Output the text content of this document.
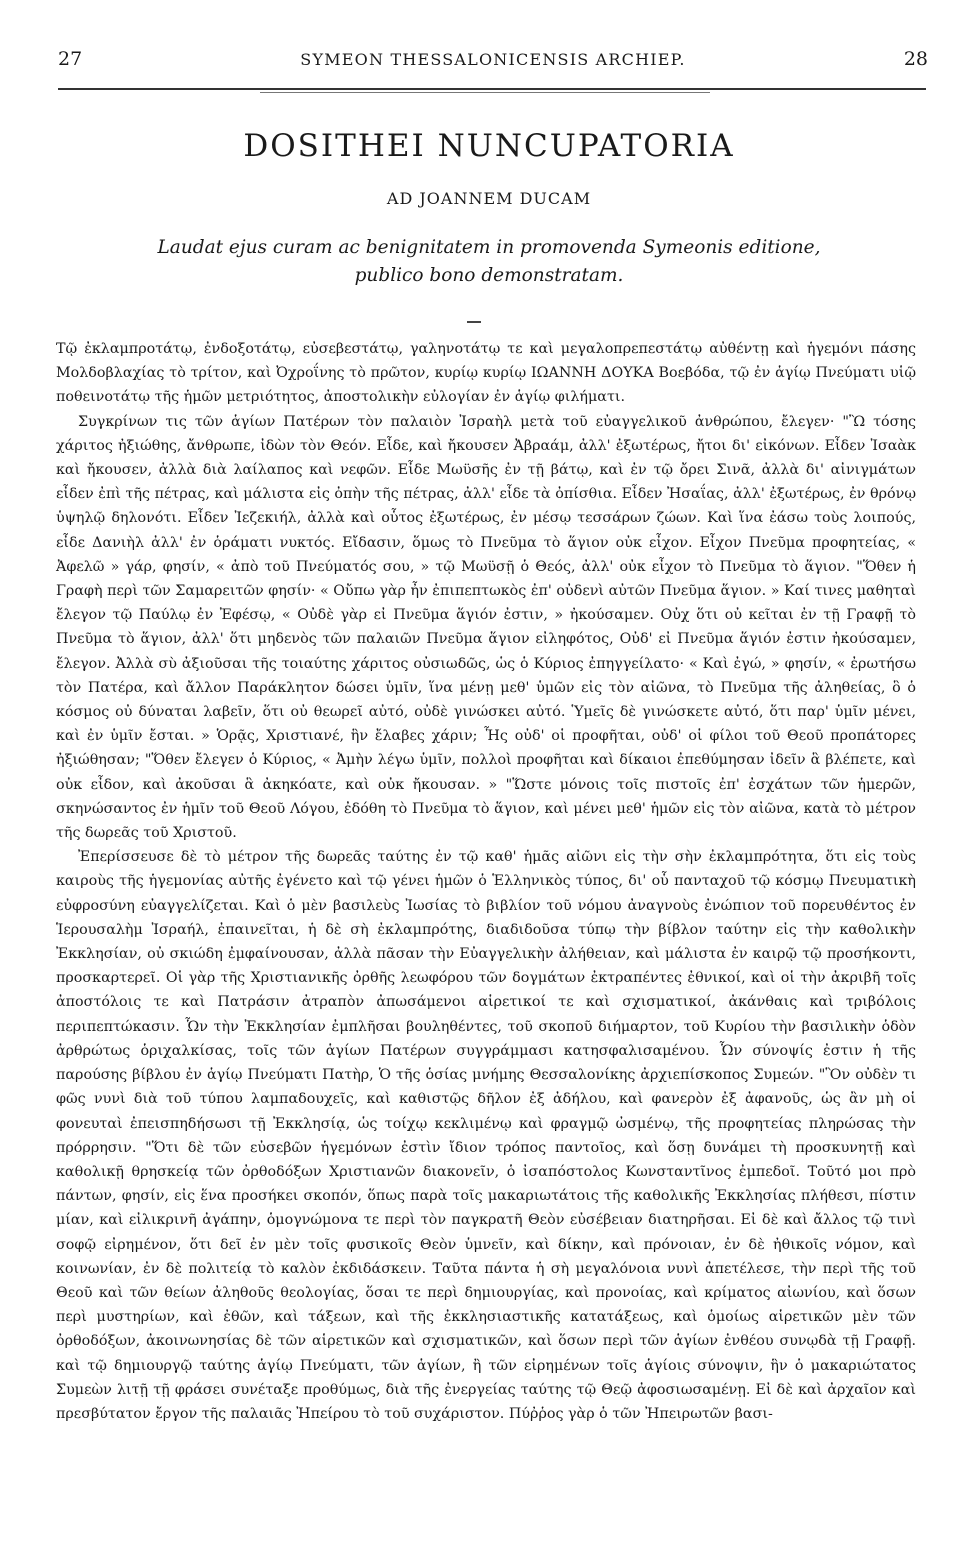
27	SYMEON THESSALONICENSIS ARCHIEP.	28
DOSITHEI NUNCUPATORIA
AD JOANNEM DUCAM
Laudat ejus curam ac benignitatem in promovenda Symeonis editione, publico bono demonstratam.

Τῷ ἐκλαμπροτάτῳ, ἐνδοξοτάτῳ, εὐσεβεστάτῳ, γαληνοτάτῳ τε καὶ μεγαλοπρεπεστάτῳ αὐθέντῃ καὶ ἡγεμόνι πάσης Μολδοβλαχίας τὸ τρίτον, καὶ Ὀχροΐνης τὸ πρῶτον, κυρίῳ κυρίῳ ΙΩΑΝΝΗ ΔΟΥΚΑ Βοεβόδα, τῷ ἐν ἁγίῳ Πνεύματι υἱῷ ποθεινοτάτῳ τῆς ἡμῶν μετριότητος, ἀποστολικὴν εὐλογίαν ἐν ἁγίῳ φιλήματι.

Συγκρίνων τις τῶν ἁγίων Πατέρων τὸν παλαιὸν Ἰσραὴλ μετὰ τοῦ εὐαγγελικοῦ ἀνθρώπου, ἔλεγεν· "Ὢ τόσης χάριτος ἠξιώθης, ἄνθρωπε, ἰδὼν τὸν Θεόν. Εἶδε, καὶ ἤκουσεν Ἀβραάμ, ἀλλ' ἐξωτέρως, ἤτοι δι' εἰκόνων. Εἶδεν Ἰσαὰκ καὶ ἤκουσεν, ἀλλὰ διὰ λαίλαπος καὶ νεφῶν. Εἶδε Μωϋσῆς ἐν τῇ βάτῳ, καὶ ἐν τῷ ὄρει Σινᾶ, ἀλλὰ δι' αἰνιγμάτων εἶδεν ἐπὶ τῆς πέτρας, καὶ μάλιστα εἰς ὀπὴν τῆς πέτρας, ἀλλ' εἶδε τὰ ὀπίσθια. Εἶδεν Ἠσαΐας, ἀλλ' ἐξωτέρως, ἐν θρόνῳ ὑψηλῷ δηλονότι. Εἶδεν Ἰεζεκιήλ, ἀλλὰ καὶ οὗτος ἐξωτέρως, ἐν μέσῳ τεσσάρων ζώων. Καὶ ἵνα ἐάσω τοὺς λοιπούς, εἶδε Δανιὴλ ἀλλ' ἐν ὁράματι νυκτός. Εἴδασιν, ὅμως τὸ Πνεῦμα τὸ ἅγιον οὐκ εἶχον. Εἶχον Πνεῦμα προφητείας, « Ἀφελῶ » γάρ, φησίν, « ἀπὸ τοῦ Πνεύματός σου, » τῷ Μωϋσῇ ὁ Θεός, ἀλλ' οὐκ εἶχον τὸ Πνεῦμα τὸ ἅγιον. "Ὅθεν ἡ Γραφὴ περὶ τῶν Σαμαρειτῶν φησίν· « Οὔπω γὰρ ἦν ἐπιπεπτωκὸς ἐπ' οὐδενὶ αὐτῶν Πνεῦμα ἅγιον. » Καί τινες μαθηταὶ ἔλεγον τῷ Παύλῳ ἐν Ἐφέσῳ, « Οὐδὲ γὰρ εἰ Πνεῦμα ἅγιόν ἐστιν, » ἠκούσαμεν. Οὐχ ὅτι οὐ κεῖται ἐν τῇ Γραφῇ τὸ Πνεῦμα τὸ ἅγιον, ἀλλ' ὅτι μηδενὸς τῶν παλαιῶν Πνεῦμα ἅγιον εἰληφότος, Οὐδ' εἰ Πνεῦμα ἅγιόν ἐστιν ἠκούσαμεν, ἔλεγον. Ἀλλὰ σὺ ἀξιοῦσαι τῆς τοιαύτης χάριτος οὐσιωδῶς, ὡς ὁ Κύριος ἐπηγγείλατο· « Καὶ ἐγώ, » φησίν, « ἐρωτήσω τὸν Πατέρα, καὶ ἄλλον Παράκλητον δώσει ὑμῖν, ἵνα μένῃ μεθ' ὑμῶν εἰς τὸν αἰῶνα, τὸ Πνεῦμα τῆς ἀληθείας, ὃ ὁ κόσμος οὐ δύναται λαβεῖν, ὅτι οὐ θεωρεῖ αὐτό, οὐδὲ γινώσκει αὐτό. Ὑμεῖς δὲ γινώσκετε αὐτό, ὅτι παρ' ὑμῖν μένει, καὶ ἐν ὑμῖν ἔσται. » Ὁρᾷς, Χριστιανέ, ἣν ἔλαβες χάριν; Ἧς οὐδ' οἱ προφῆται, οὐδ' οἱ φίλοι τοῦ Θεοῦ προπάτορες ἠξιώθησαν; "Ὅθεν ἔλεγεν ὁ Κύριος, « Ἀμὴν λέγω ὑμῖν, πολλοὶ προφῆται καὶ δίκαιοι ἐπεθύμησαν ἰδεῖν ἃ βλέπετε, καὶ οὐκ εἶδον, καὶ ἀκοῦσαι ἃ ἀκηκόατε, καὶ οὐκ ἤκουσαν. » "Ὥστε μόνοις τοῖς πιστοῖς ἐπ' ἐσχάτων τῶν ἡμερῶν, σκηνώσαντος ἐν ἡμῖν τοῦ Θεοῦ Λόγου, ἐδόθη τὸ Πνεῦμα τὸ ἅγιον, καὶ μένει μεθ' ἡμῶν εἰς τὸν αἰῶνα, κατὰ τὸ μέτρον τῆς δωρεᾶς τοῦ Χριστοῦ.

Ἐπερίσσευσε δὲ τὸ μέτρον τῆς δωρεᾶς ταύτης ἐν τῷ καθ' ἡμᾶς αἰῶνι εἰς τὴν σὴν ἐκλαμπρότητα, ὅτι εἰς τοὺς καιροὺς τῆς ἡγεμονίας αὐτῆς ἐγένετο καὶ τῷ γένει ἡμῶν ὁ Ἑλληνικὸς τύπος, δι' οὗ πανταχοῦ τῷ κόσμῳ Πνευματικὴ εὐφροσύνη εὐαγγελίζεται. Καὶ ὁ μὲν βασιλεὺς Ἰωσίας τὸ βιβλίον τοῦ νόμου ἀναγνοὺς ἐνώπιον τοῦ πορευθέντος ἐν Ἱερουσαλὴμ Ἰσραήλ, ἐπαινεῖται, ἡ δὲ σὴ ἐκλαμπρότης, διαδιδοῦσα τύπῳ τὴν βίβλον ταύτην εἰς τὴν καθολικὴν Ἐκκλησίαν, οὐ σκιώδη ἐμφαίνουσαν, ἀλλὰ πᾶσαν τὴν Εὐαγγελικὴν ἀλήθειαν, καὶ μάλιστα ἐν καιρῷ τῷ προσήκοντι, προσκαρτερεῖ. Οἱ γὰρ τῆς Χριστιανικῆς ὀρθῆς λεωφόρου τῶν δογμάτων ἐκτραπέντες ἐθνικοί, καὶ οἱ τὴν ἀκριβῆ τοῖς ἀποστόλοις τε καὶ Πατράσιν ἀτραπὸν ἀπωσάμενοι αἱρετικοί τε καὶ σχισματικοί, ἀκάνθαις καὶ τριβόλοις περιπεπτώκασιν. Ὧν τὴν Ἐκκλησίαν ἐμπλῆσαι βουληθέντες, τοῦ σκοποῦ διήμαρτον, τοῦ Κυρίου τὴν βασιλικὴν ὁδὸν ἀρθρώτως ὁριχαλκίσας, τοῖς τῶν ἁγίων Πατέρων συγγράμμασι κατησφαλισαμένου. Ὧν σύνοψίς ἐστιν ἡ τῆς παρούσης βίβλου ἐν ἁγίῳ Πνεύματι Πατὴρ, Ὁ τῆς ὁσίας μνήμης Θεσσαλονίκης ἀρχιεπίσκοπος Συμεών. "Ὃν οὐδὲν τι φῶς νυνὶ διὰ τοῦ τύπου λαμπαδουχεῖς, καὶ καθιστῷς δῆλον ἐξ ἀδήλου, καὶ φανερὸν ἐξ ἀφανοῦς, ὡς ἂν μὴ οἱ φονευταὶ ἐπεισπηδήσωσι τῇ Ἐκκλησίᾳ, ὡς τοίχῳ κεκλιμένῳ καὶ φραγμῷ ὠσμένῳ, τῆς προφητείας πληρώσας τὴν πρόρρησιν. "Ὅτι δὲ τῶν εὐσεβῶν ἡγεμόνων ἐστὶν ἴδιον τρόπος παντοῖος, καὶ ὅσῃ δυνάμει τὴ προσκυνητῇ καὶ καθολικῇ θρησκείᾳ τῶν ὀρθοδόξων Χριστιανῶν διακονεῖν, ὁ ἰσαπόστολος Κωνσταντῖνος ἐμπεδοῖ. Τοῦτό μοι πρὸ πάντων, φησίν, εἰς ἕνα προσήκει σκοπόν, ὅπως παρὰ τοῖς μακαριωτάτοις τῆς καθολικῆς Ἐκκλησίας πλήθεσι, πίστιν μίαν, καὶ εἰλικρινῆ ἀγάπην, ὁμογνώμονα τε περὶ τὸν παγκρατῆ Θεὸν εὐσέβειαν διατηρῆσαι. Εἰ δὲ καὶ ἄλλος τῷ τινὶ σοφῷ εἰρημένον, ὅτι δεῖ ἐν μὲν τοῖς φυσικοῖς Θεὸν ὑμνεῖν, καὶ δίκην, καὶ πρόνοιαν, ἐν δὲ ἠθικοῖς νόμον, καὶ κοινωνίαν, ἐν δὲ πολιτείᾳ τὸ καλὸν ἐκδιδάσκειν. Ταῦτα πάντα ἡ σὴ μεγαλόνοια νυνὶ ἀπετέλεσε, τὴν περὶ τῆς τοῦ Θεοῦ καὶ τῶν θείων ἀληθοῦς θεολογίας, ὅσαι τε περὶ δημιουργίας, καὶ προνοίας, καὶ κρίματος αἰωνίου, καὶ ὅσων περὶ μυστηρίων, καὶ ἐθῶν, καὶ τάξεων, καὶ τῆς ἐκκλησιαστικῆς κατατάξεως, καὶ ὁμοίως αἱρετικῶν μὲν τῶν ὀρθοδόξων, ἀκοινωνησίας δὲ τῶν αἱρετικῶν καὶ σχισματικῶν, καὶ ὅσων περὶ τῶν ἁγίων ἐνθέου συνῳδὰ τῇ Γραφῇ. καὶ τῷ δημιουργῷ ταύτης ἁγίῳ Πνεύματι, τῶν ἁγίων, ἢ τῶν εἰρημένων τοῖς ἁγίοις σύνοψιν, ἣν ὁ μακαριώτατος Συμεὼν λιτῇ τῇ φράσει συνέταξε προθύμως, διὰ τῆς ἐνεργείας ταύτης τῷ Θεῷ ἀφοσιωσαμένῃ. Εἰ δὲ καὶ ἀρχαῖον καὶ πρεσβύτατον ἔργον τῆς παλαιᾶς Ἠπείρου τὸ τοῦ συχάριστον. Πύῤῥος γὰρ ὁ τῶν Ἠπειρωτῶν βασι-
